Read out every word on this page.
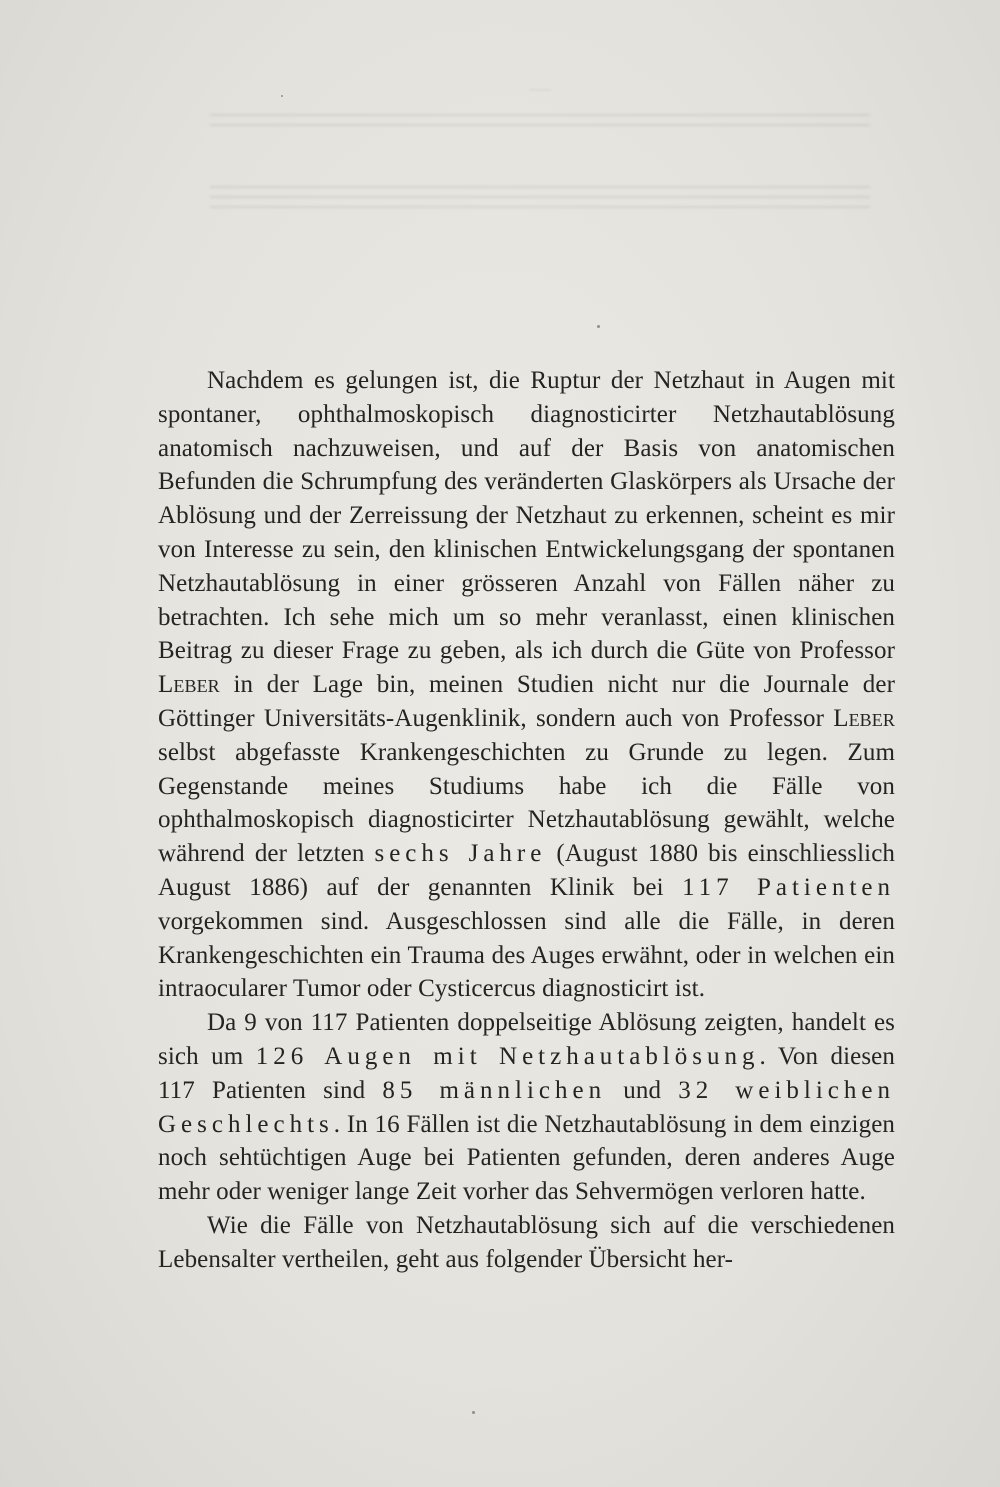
—

Nachdem es gelungen ist, die Ruptur der Netzhaut in Augen mit spontaner, ophthalmoskopisch diagnosticirter Netzhautablösung anatomisch nachzuweisen, und auf der Basis von anatomischen Befunden die Schrumpfung des veränderten Glaskörpers als Ursache der Ablösung und der Zerreissung der Netzhaut zu erkennen, scheint es mir von Interesse zu sein, den klinischen Entwickelungsgang der spontanen Netzhautablösung in einer grösseren Anzahl von Fällen näher zu betrachten. Ich sehe mich um so mehr veranlasst, einen klinischen Beitrag zu dieser Frage zu geben, als ich durch die Güte von Professor Leber in der Lage bin, meinen Studien nicht nur die Journale der Göttinger Universitäts-Augenklinik, sondern auch von Professor Leber selbst abgefasste Krankengeschichten zu Grunde zu legen. Zum Gegenstande meines Studiums habe ich die Fälle von ophthalmoskopisch diagnosticirter Netzhautablösung gewählt, welche während der letzten sechs Jahre (August 1880 bis einschliesslich August 1886) auf der genannten Klinik bei 117 Patienten vorgekommen sind. Ausgeschlossen sind alle die Fälle, in deren Krankengeschichten ein Trauma des Auges erwähnt, oder in welchen ein intraocularer Tumor oder Cysticercus diagnosticirt ist.

Da 9 von 117 Patienten doppelseitige Ablösung zeigten, handelt es sich um 126 Augen mit Netzhautablösung. Von diesen 117 Patienten sind 85 männlichen und 32 weiblichen Geschlechts. In 16 Fällen ist die Netzhautablösung in dem einzigen noch sehtüchtigen Auge bei Patienten gefunden, deren anderes Auge mehr oder weniger lange Zeit vorher das Sehvermögen verloren hatte.

Wie die Fälle von Netzhautablösung sich auf die verschiedenen Lebensalter vertheilen, geht aus folgender Übersicht her-
